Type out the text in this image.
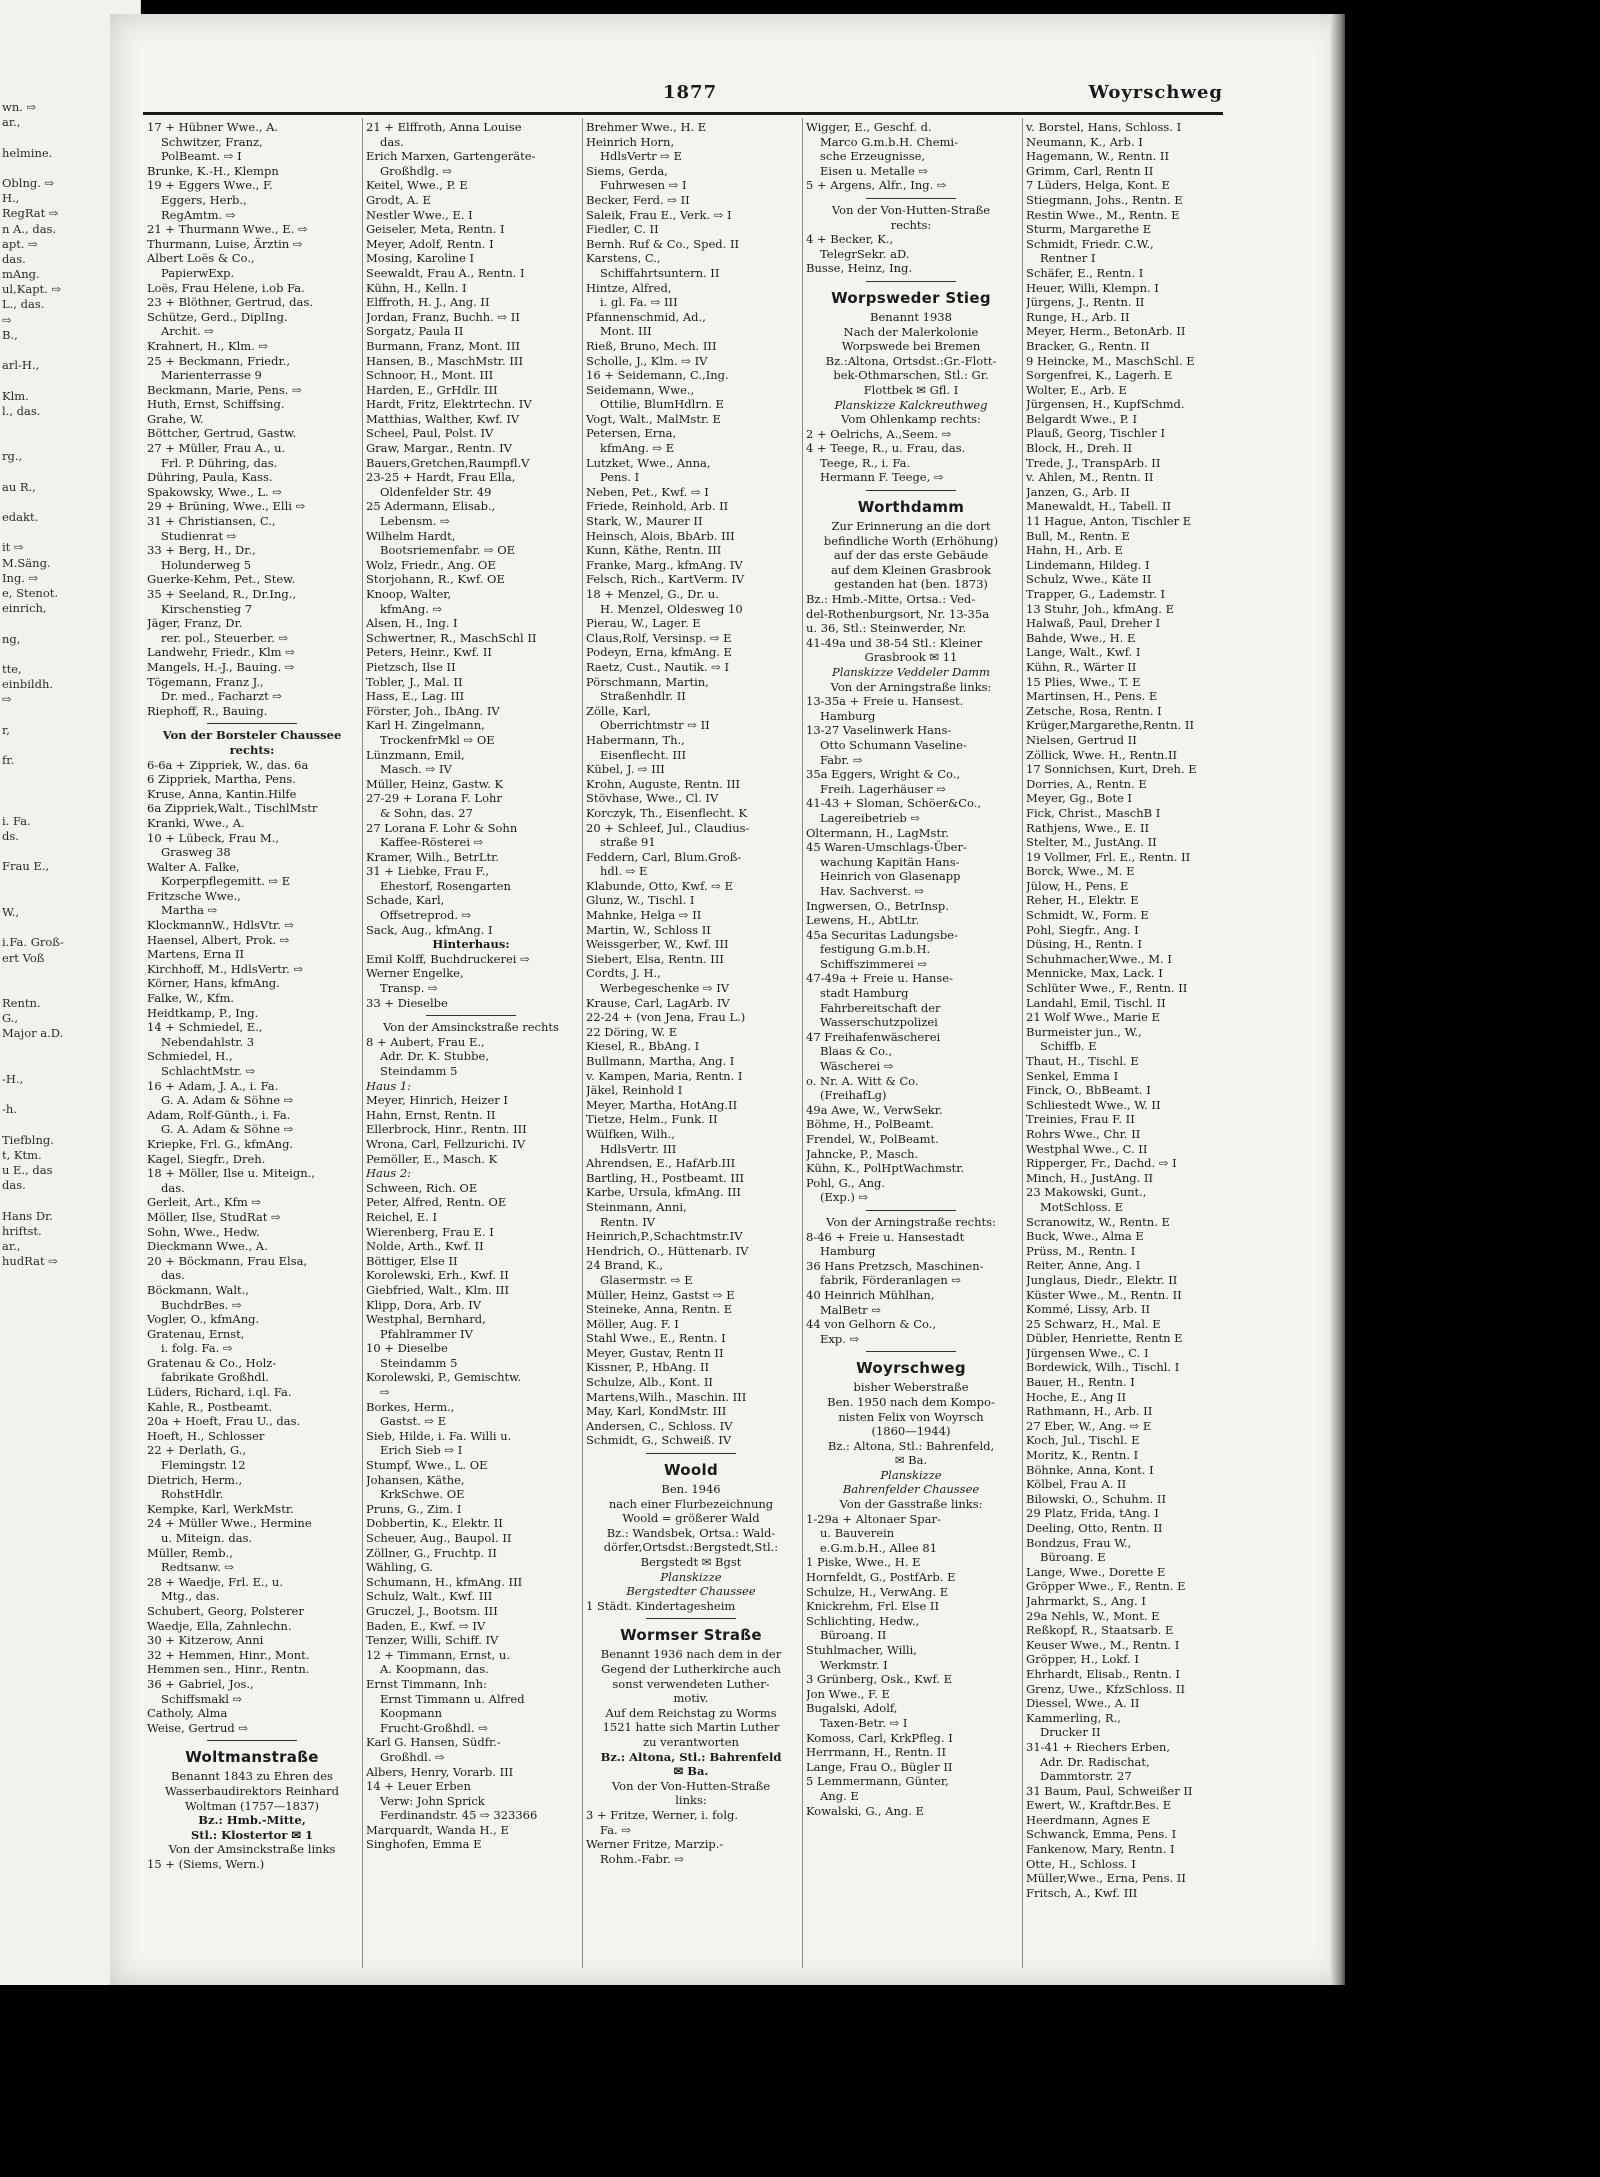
wn. ⇨
ar.,
helmine.
Oblng. ⇨
H.,
RegRat ⇨
n A., das.
apt. ⇨
das.
mAng.
ul,Kapt. ⇨
L., das.
⇨
B.,
arl-H.,
Klm.
l., das.
rg.,
au R.,
edakt.
it ⇨
M.Säng.
Ing. ⇨
e, Stenot.
einrich,
ng,
tte,
einbildh.
⇨
r,
fr.
i. Fa.
ds.
Frau E.,
W.,
i.Fa. Groß-
ert Voß
Rentn.
G.,
Major a.D.
-H.,
-h.
Tiefblng.
t, Ktm.
u E., das
das.
Hans Dr.
hriftst.
ar.,
hudRat ⇨
1877	Woyrschweg
17 + Hübner Wwe., A.
Schwitzer, Franz,
PolBeamt. ⇨ I
Brunke, K.-H., Klempn
19 + Eggers Wwe., F.
Eggers, Herb.,
RegAmtm. ⇨
21 + Thurmann Wwe., E. ⇨
Thurmann, Luise, Ärztin ⇨
Albert Loës & Co.,
PapierwExp.
Loës, Frau Helene, i.ob Fa.
23 + Blöthner, Gertrud, das.
Schütze, Gerd., DiplIng.
Archit. ⇨
Krahnert, H., Klm. ⇨
25 + Beckmann, Friedr.,
Marienterrasse 9
Beckmann, Marie, Pens. ⇨
Huth, Ernst, Schiffsing.
Grahe, W.
Böttcher, Gertrud, Gastw.
27 + Müller, Frau A., u.
Frl. P. Dühring, das.
Dühring, Paula, Kass.
Spakowsky, Wwe., L. ⇨
29 + Brüning, Wwe., Elli ⇨
31 + Christiansen, C.,
Studienrat ⇨
33 + Berg, H., Dr.,
Holunderweg 5
Guerke-Kehm, Pet., Stew.
35 + Seeland, R., Dr.Ing.,
Kirschenstieg 7
Jäger, Franz, Dr.
rer. pol., Steuerber. ⇨
Landwehr, Friedr., Klm ⇨
Mangels, H.-J., Bauing. ⇨
Tögemann, Franz J.,
Dr. med., Facharzt ⇨
Riephoff, R., Bauing.
Von der Borsteler Chaussee
rechts:
6-6a + Zippriek, W., das. 6a
6 Zippriek, Martha, Pens.
Kruse, Anna, Kantin.Hilfe
6a Zippriek,Walt., TischlMstr
Kranki, Wwe., A.
10 + Lübeck, Frau M.,
Grasweg 38
Walter A. Falke,
Korperpflegemitt. ⇨ E
Fritzsche Wwe.,
Martha ⇨
KlockmannW., HdlsVtr. ⇨
Haensel, Albert, Prok. ⇨
Martens, Erna II
Kirchhoff, M., HdlsVertr. ⇨
Körner, Hans, kfmAng.
Falke, W., Kfm.
Heidtkamp, P., Ing.
14 + Schmiedel, E.,
Nebendahlstr. 3
Schmiedel, H.,
SchlachtMstr. ⇨
16 + Adam, J. A., i. Fa.
G. A. Adam & Söhne ⇨
Adam, Rolf-Günth., i. Fa.
G. A. Adam & Söhne ⇨
Kriepke, Frl. G., kfmAng.
Kagel, Siegfr., Dreh.
18 + Möller, Ilse u. Miteign.,
das.
Gerleit, Art., Kfm ⇨
Möller, Ilse, StudRat ⇨
Sohn, Wwe., Hedw.
Dieckmann Wwe., A.
20 + Böckmann, Frau Elsa,
das.
Böckmann, Walt.,
BuchdrBes. ⇨
Vogler, O., kfmAng.
Gratenau, Ernst,
i. folg. Fa. ⇨
Gratenau & Co., Holz-
fabrikate Großhdl.
Lüders, Richard, i.ql. Fa.
Kahle, R., Postbeamt.
20a + Hoeft, Frau U., das.
Hoeft, H., Schlosser
22 + Derlath, G.,
Flemingstr. 12
Dietrich, Herm.,
RohstHdlr.
Kempke, Karl, WerkMstr.
24 + Müller Wwe., Hermine
u. Miteign. das.
Müller, Remb.,
Redtsanw. ⇨
28 + Waedje, Frl. E., u.
Mtg., das.
Schubert, Georg, Polsterer
Waedje, Ella, Zahnlechn.
30 + Kitzerow, Anni
32 + Hemmen, Hinr., Mont.
Hemmen sen., Hinr., Rentn.
36 + Gabriel, Jos.,
Schiffsmakl ⇨
Catholy, Alma
Weise, Gertrud ⇨
Woltmanstraße
Benannt 1843 zu Ehren des
Wasserbaudirektors Reinhard
Woltman (1757—1837)
Bz.: Hmb.-Mitte,
Stl.: Klostertor ✉ 1
Von der Amsinckstraße links
15 + (Siems, Wern.)
21 + Elffroth, Anna Louise
das.
Erich Marxen, Gartengeräte-
Großhdlg. ⇨
Keitel, Wwe., P. E
Grodt, A. E
Nestler Wwe., E. I
Geiseler, Meta, Rentn. I
Meyer, Adolf, Rentn. I
Mosing, Karoline I
Seewaldt, Frau A., Rentn. I
Kühn, H., Kelln. I
Elffroth, H. J., Ang. II
Jordan, Franz, Buchh. ⇨ II
Sorgatz, Paula II
Burmann, Franz, Mont. III
Hansen, B., MaschMstr. III
Schnoor, H., Mont. III
Harden, E., GrHdlr. III
Hardt, Fritz, Elektrtechn. IV
Matthias, Walther, Kwf. IV
Scheel, Paul, Polst. IV
Graw, Margar., Rentn. IV
Bauers,Gretchen,Raumpfl.V
23-25 + Hardt, Frau Ella,
Oldenfelder Str. 49
25 Adermann, Elisab.,
Lebensm. ⇨
Wilhelm Hardt,
Bootsriemenfabr. ⇨ OE
Wolz, Friedr., Ang. OE
Storjohann, R., Kwf. OE
Knoop, Walter,
kfmAng. ⇨
Alsen, H., Ing. I
Schwertner, R., MaschSchl II
Peters, Heinr., Kwf. II
Pietzsch, Ilse II
Tobler, J., Mal. II
Hass, E., Lag. III
Förster, Joh., IbAng. IV
Karl H. Zingelmann,
TrockenfrMkl ⇨ OE
Lünzmann, Emil,
Masch. ⇨ IV
Müller, Heinz, Gastw. K
27-29 + Lorana F. Lohr
& Sohn, das. 27
27 Lorana F. Lohr & Sohn
Kaffee-Rösterei ⇨
Kramer, Wilh., BetrLtr.
31 + Liebke, Frau F.,
Ehestorf, Rosengarten
Schade, Karl,
Offsetreprod. ⇨
Sack, Aug., kfmAng. I
Hinterhaus:
Emil Kolff, Buchdruckerei ⇨
Werner Engelke,
Transp. ⇨
33 + Dieselbe
Von der Amsinckstraße rechts
8 + Aubert, Frau E.,
Adr. Dr. K. Stubbe,
Steindamm 5
Haus 1:
Meyer, Hinrich, Heizer I
Hahn, Ernst, Rentn. II
Ellerbrock, Hinr., Rentn. III
Wrona, Carl, Fellzurichi. IV
Pemöller, E., Masch. K
Haus 2:
Schween, Rich. OE
Peter, Alfred, Rentn. OE
Reichel, E. I
Wierenberg, Frau E. I
Nolde, Arth., Kwf. II
Böttiger, Else II
Korolewski, Erh., Kwf. II
Giebfried, Walt., Klm. III
Klipp, Dora, Arb. IV
Westphal, Bernhard,
Pfahlrammer IV
10 + Dieselbe
Steindamm 5
Korolewski, P., Gemischtw.
⇨
Borkes, Herm.,
Gastst. ⇨ E
Sieb, Hilde, i. Fa. Willi u.
Erich Sieb ⇨ I
Stumpf, Wwe., L. OE
Johansen, Käthe,
KrkSchwe. OE
Pruns, G., Zim. I
Dobbertin, K., Elektr. II
Scheuer, Aug., Baupol. II
Zöllner, G., Fruchtp. II
Wähling, G.
Schumann, H., kfmAng. III
Schulz, Walt., Kwf. III
Gruczel, J., Bootsm. III
Baden, E., Kwf. ⇨ IV
Tenzer, Willi, Schiff. IV
12 + Timmann, Ernst, u.
A. Koopmann, das.
Ernst Timmann, Inh:
Ernst Timmann u. Alfred
Koopmann
Frucht-Großhdl. ⇨
Karl G. Hansen, Südfr.-
Großhdl. ⇨
Albers, Henry, Vorarb. III
14 + Leuer Erben
Verw: John Sprick
Ferdinandstr. 45 ⇨ 323366
Marquardt, Wanda H., E
Singhofen, Emma E
Brehmer Wwe., H. E
Heinrich Horn,
HdlsVertr ⇨ E
Siems, Gerda,
Fuhrwesen ⇨ I
Becker, Ferd. ⇨ II
Saleik, Frau E., Verk. ⇨ I
Fiedler, C. II
Bernh. Ruf & Co., Sped. II
Karstens, C.,
Schiffahrtsuntern. II
Hintze, Alfred,
i. gl. Fa. ⇨ III
Pfannenschmid, Ad.,
Mont. III
Rieß, Bruno, Mech. III
Scholle, J., Klm. ⇨ IV
16 + Seidemann, C.,Ing.
Seidemann, Wwe.,
Ottilie, BlumHdlrn. E
Vogt, Walt., MalMstr. E
Petersen, Erna,
kfmAng. ⇨ E
Lutzket, Wwe., Anna,
Pens. I
Neben, Pet., Kwf. ⇨ I
Friede, Reinhold, Arb. II
Stark, W., Maurer II
Heinsch, Alois, BbArb. III
Kunn, Käthe, Rentn. III
Franke, Marg., kfmAng. IV
Felsch, Rich., KartVerm. IV
18 + Menzel, G., Dr. u.
H. Menzel, Oldesweg 10
Pierau, W., Lager. E
Claus,Rolf, Versinsp. ⇨ E
Podeyn, Erna, kfmAng. E
Raetz, Cust., Nautik. ⇨ I
Pörschmann, Martin,
Straßenhdlr. II
Zölle, Karl,
Oberrichtmstr ⇨ II
Habermann, Th.,
Eisenflecht. III
Kübel, J. ⇨ III
Krohn, Auguste, Rentn. III
Stövhase, Wwe., Cl. IV
Korczyk, Th., Eisenflecht. K
20 + Schleef, Jul., Claudius-
straße 91
Feddern, Carl, Blum.Groß-
hdl. ⇨ E
Klabunde, Otto, Kwf. ⇨ E
Glunz, W., Tischl. I
Mahnke, Helga ⇨ II
Martin, W., Schloss II
Weissgerber, W., Kwf. III
Siebert, Elsa, Rentn. III
Cordts, J. H.,
Werbegeschenke ⇨ IV
Krause, Carl, LagArb. IV
22-24 + (von Jena, Frau L.)
22 Döring, W. E
Kiesel, R., BbAng. I
Bullmann, Martha, Ang. I
v. Kampen, Maria, Rentn. I
Jäkel, Reinhold I
Meyer, Martha, HotAng.II
Tietze, Helm., Funk. II
Wülfken, Wilh.,
HdlsVertr. III
Ahrendsen, E., HafArb.III
Bartling, H., Postbeamt. III
Karbe, Ursula, kfmAng. III
Steinmann, Anni,
Rentn. IV
Heinrich,P.,Schachtmstr.IV
Hendrich, O., Hüttenarb. IV
24 Brand, K.,
Glasermstr. ⇨ E
Müller, Heinz, Gastst ⇨ E
Steineke, Anna, Rentn. E
Möller, Aug. F. I
Stahl Wwe., E., Rentn. I
Meyer, Gustav, Rentn II
Kissner, P., HbAng. II
Schulze, Alb., Kont. II
Martens,Wilh., Maschin. III
May, Karl, KondMstr. III
Andersen, C., Schloss. IV
Schmidt, G., Schweiß. IV
Woold
Ben. 1946
nach einer Flurbezeichnung
Woold = größerer Wald
Bz.: Wandsbek, Ortsa.: Wald-
dörfer,Ortsdst.:Bergstedt,Stl.:
Bergstedt ✉ Bgst
Planskizze
Bergstedter Chaussee
1 Städt. Kindertagesheim
Wormser Straße
Benannt 1936 nach dem in der
Gegend der Lutherkirche auch
sonst verwendeten Luther-
motiv.
Auf dem Reichstag zu Worms
1521 hatte sich Martin Luther
zu verantworten
Bz.: Altona, Stl.: Bahrenfeld
✉ Ba.
Von der Von-Hutten-Straße
links:
3 + Fritze, Werner, i. folg.
Fa. ⇨
Werner Fritze, Marzip.-
Rohm.-Fabr. ⇨
Wigger, E., Geschf. d.
Marco G.m.b.H. Chemi-
sche Erzeugnisse,
Eisen u. Metalle ⇨
5 + Argens, Alfr., Ing. ⇨
Von der Von-Hutten-Straße
rechts:
4 + Becker, K.,
TelegrSekr. aD.
Busse, Heinz, Ing.
Worpsweder Stieg
Benannt 1938
Nach der Malerkolonie
Worpswede bei Bremen
Bz.:Altona, Ortsdst.:Gr.-Flott-
bek-Othmarschen, Stl.: Gr.
Flottbek ✉ Gfl. I
Planskizze Kalckreuthweg
Vom Ohlenkamp rechts:
2 + Oelrichs, A.,Seem. ⇨
4 + Teege, R., u. Frau, das.
Teege, R., i. Fa.
Hermann F. Teege, ⇨
Worthdamm
Zur Erinnerung an die dort
befindliche Worth (Erhöhung)
auf der das erste Gebäude
auf dem Kleinen Grasbrook
gestanden hat (ben. 1873)
Bz.: Hmb.-Mitte, Ortsa.: Ved-
del-Rothenburgsort, Nr. 13-35a
u. 36, Stl.: Steinwerder, Nr.
41-49a und 38-54 Stl.: Kleiner
Grasbrook ✉ 11
Planskizze Veddeler Damm
Von der Arningstraße links:
13-35a + Freie u. Hansest.
Hamburg
13-27 Vaselinwerk Hans-
Otto Schumann Vaseline-
Fabr. ⇨
35a Eggers, Wright & Co.,
Freih. Lagerhäuser ⇨
41-43 + Sloman, Schöer&Co.,
Lagereibetrieb ⇨
Oltermann, H., LagMstr.
45 Waren-Umschlags-Über-
wachung Kapitän Hans-
Heinrich von Glasenapp
Hav. Sachverst. ⇨
Ingwersen, O., BetrInsp.
Lewens, H., AbtLtr.
45a Securitas Ladungsbe-
festigung G.m.b.H.
Schiffszimmerei ⇨
47-49a + Freie u. Hanse-
stadt Hamburg
Fahrbereitschaft der
Wasserschutzpolizei
47 Freihafenwäscherei
Blaas & Co.,
Wäscherei ⇨
o. Nr. A. Witt & Co.
(FreihafLg)
49a Awe, W., VerwSekr.
Böhme, H., PolBeamt.
Frendel, W., PolBeamt.
Jahncke, P., Masch.
Kühn, K., PolHptWachmstr.
Pohl, G., Ang.
(Exp.) ⇨
Von der Arningstraße rechts:
8-46 + Freie u. Hansestadt
Hamburg
36 Hans Pretzsch, Maschinen-
fabrik, Förderanlagen ⇨
40 Heinrich Mühlhan,
MalBetr ⇨
44 von Gelhorn & Co.,
Exp. ⇨
Woyrschweg
bisher Weberstraße
Ben. 1950 nach dem Kompo-
nisten Felix von Woyrsch
(1860—1944)
Bz.: Altona, Stl.: Bahrenfeld,
✉ Ba.
Planskizze
Bahrenfelder Chaussee
Von der Gasstraße links:
1-29a + Altonaer Spar-
u. Bauverein
e.G.m.b.H., Allee 81
1 Piske, Wwe., H. E
Hornfeldt, G., PostfArb. E
Schulze, H., VerwAng. E
Knickrehm, Frl. Else II
Schlichting, Hedw.,
Büroang. II
Stuhlmacher, Willi,
Werkmstr. I
3 Grünberg, Osk., Kwf. E
Jon Wwe., F. E
Bugalski, Adolf,
Taxen-Betr. ⇨ I
Komoss, Carl, KrkPfleg. I
Herrmann, H., Rentn. II
Lange, Frau O., Bügler II
5 Lemmermann, Günter,
Ang. E
Kowalski, G., Ang. E
v. Borstel, Hans, Schloss. I
Neumann, K., Arb. I
Hagemann, W., Rentn. II
Grimm, Carl, Rentn II
7 Lüders, Helga, Kont. E
Stiegmann, Johs., Rentn. E
Restin Wwe., M., Rentn. E
Sturm, Margarethe E
Schmidt, Friedr. C.W.,
Rentner I
Schäfer, E., Rentn. I
Heuer, Willi, Klempn. I
Jürgens, J., Rentn. II
Runge, H., Arb. II
Meyer, Herm., BetonArb. II
Bracker, G., Rentn. II
9 Heincke, M., MaschSchl. E
Sorgenfrei, K., Lagerh. E
Wolter, E., Arb. E
Jürgensen, H., KupfSchmd.
Belgardt Wwe., P. I
Plauß, Georg, Tischler I
Block, H., Dreh. II
Trede, J., TranspArb. II
v. Ahlen, M., Rentn. II
Janzen, G., Arb. II
Manewaldt, H., Tabell. II
11 Hague, Anton, Tischler E
Bull, M., Rentn. E
Hahn, H., Arb. E
Lindemann, Hildeg. I
Schulz, Wwe., Käte II
Trapper, G., Lademstr. I
13 Stuhr, Joh., kfmAng. E
Halwaß, Paul, Dreher I
Bahde, Wwe., H. E
Lange, Walt., Kwf. I
Kühn, R., Wärter II
15 Plies, Wwe., T. E
Martinsen, H., Pens. E
Zetsche, Rosa, Rentn. I
Krüger,Margarethe,Rentn. II
Nielsen, Gertrud II
Zöllick, Wwe. H., Rentn.II
17 Sonnichsen, Kurt, Dreh. E
Dorries, A., Rentn. E
Meyer, Gg., Bote I
Fick, Christ., MaschB I
Rathjens, Wwe., E. II
Stelter, M., JustAng. II
19 Vollmer, Frl. E., Rentn. II
Borck, Wwe., M. E
Jülow, H., Pens. E
Reher, H., Elektr. E
Schmidt, W., Form. E
Pohl, Siegfr., Ang. I
Düsing, H., Rentn. I
Schuhmacher,Wwe., M. I
Mennicke, Max, Lack. I
Schlüter Wwe., F., Rentn. II
Landahl, Emil, Tischl. II
21 Wolf Wwe., Marie E
Burmeister jun., W.,
Schiffb. E
Thaut, H., Tischl. E
Senkel, Emma I
Finck, O., BbBeamt. I
Schliestedt Wwe., W. II
Treinies, Frau F. II
Rohrs Wwe., Chr. II
Westphal Wwe., C. II
Ripperger, Fr., Dachd. ⇨ I
Minch, H., JustAng. II
23 Makowski, Gunt.,
MotSchloss. E
Scranowitz, W., Rentn. E
Buck, Wwe., Alma E
Prüss, M., Rentn. I
Reiter, Anne, Ang. I
Junglaus, Diedr., Elektr. II
Küster Wwe., M., Rentn. II
Kommé, Lissy, Arb. II
25 Schwarz, H., Mal. E
Dübler, Henriette, Rentn E
Jürgensen Wwe., C. I
Bordewick, Wilh., Tischl. I
Bauer, H., Rentn. I
Hoche, E., Ang II
Rathmann, H., Arb. II
27 Eber, W., Ang. ⇨ E
Koch, Jul., Tischl. E
Moritz, K., Rentn. I
Böhnke, Anna, Kont. I
Kölbel, Frau A. II
Bilowski, O., Schuhm. II
29 Platz, Frida, tAng. I
Deeling, Otto, Rentn. II
Bondzus, Frau W.,
Büroang. E
Lange, Wwe., Dorette E
Gröpper Wwe., F., Rentn. E
Jahrmarkt, S., Ang. I
29a Nehls, W., Mont. E
Reßkopf, R., Staatsarb. E
Keuser Wwe., M., Rentn. I
Gröpper, H., Lokf. I
Ehrhardt, Elisab., Rentn. I
Grenz, Uwe., KfzSchloss. II
Diessel, Wwe., A. II
Kammerling, R.,
Drucker II
31-41 + Riechers Erben,
Adr. Dr. Radischat,
Dammtorstr. 27
31 Baum, Paul, Schweißer II
Ewert, W., Kraftdr.Bes. E
Heerdmann, Agnes E
Schwanck, Emma, Pens. I
Fankenow, Mary, Rentn. I
Otte, H., Schloss. I
Müller,Wwe., Erna, Pens. II
Fritsch, A., Kwf. III
